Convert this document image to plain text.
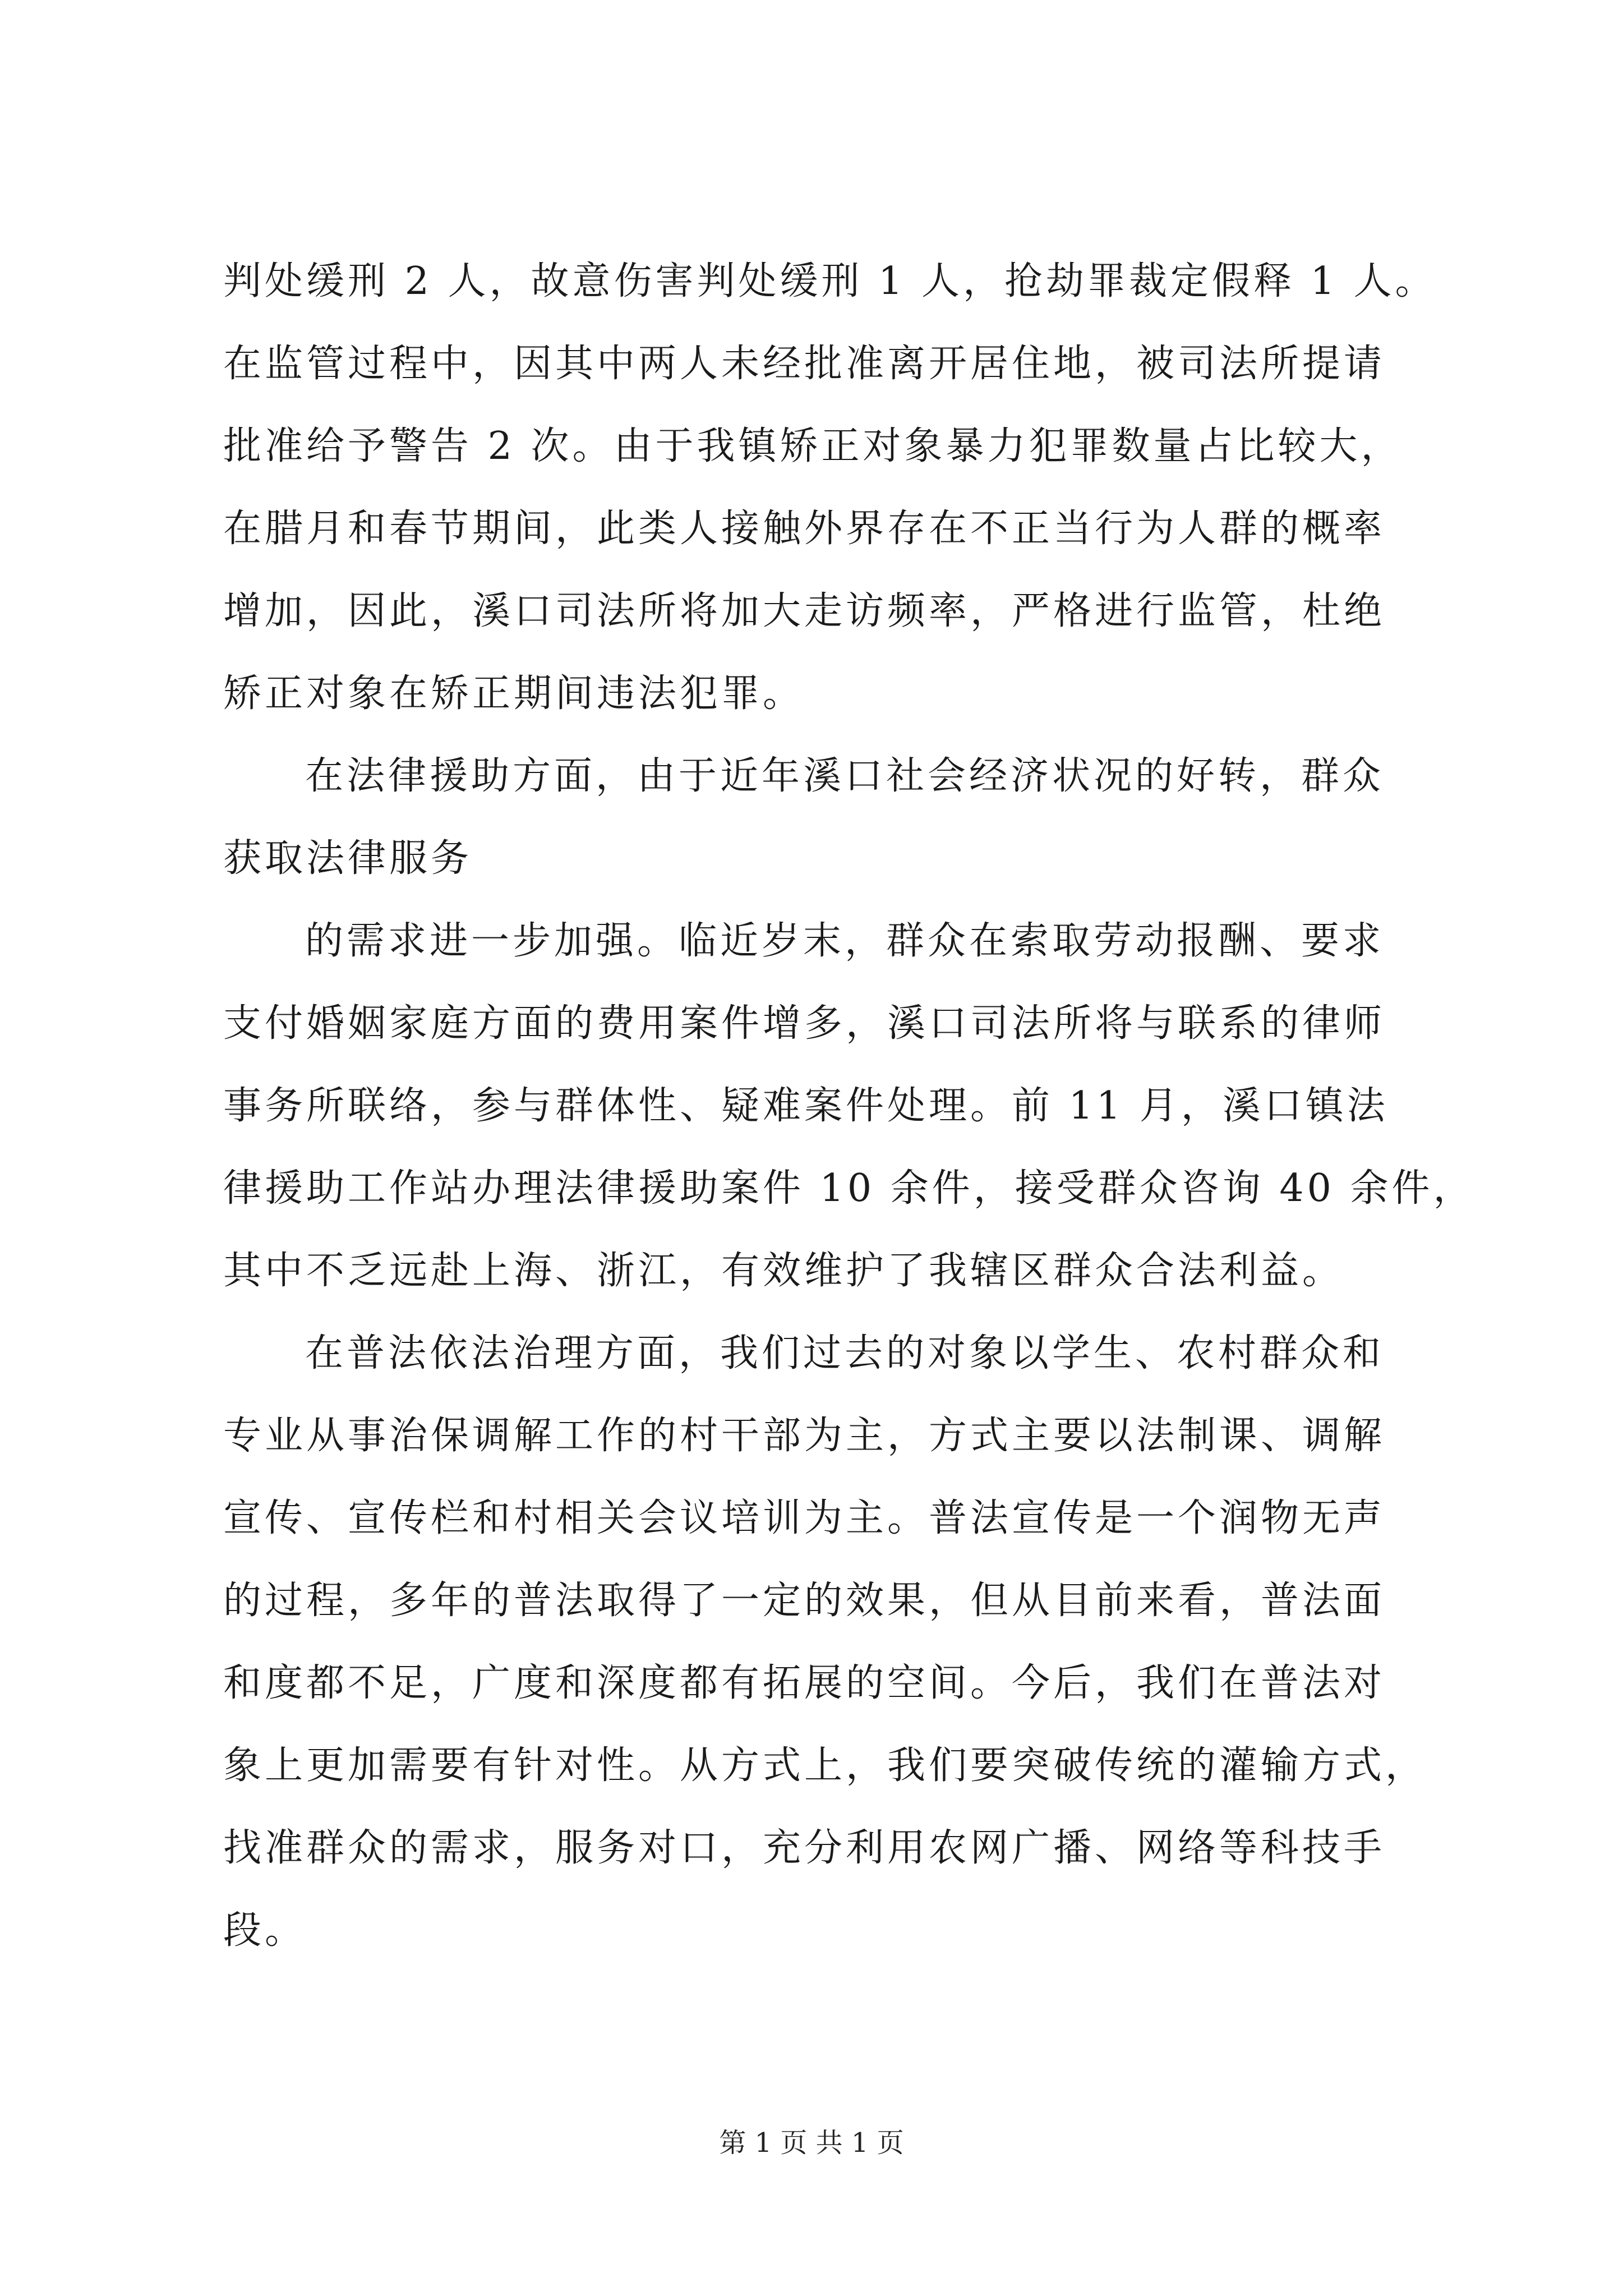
判处缓刑 2 人，故意伤害判处缓刑 1 人，抢劫罪裁定假释 1 人。
在监管过程中，因其中两人未经批准离开居住地，被司法所提请
批准给予警告 2 次。由于我镇矫正对象暴力犯罪数量占比较大，
在腊月和春节期间，此类人接触外界存在不正当行为人群的概率
增加，因此，溪口司法所将加大走访频率，严格进行监管，杜绝
矫正对象在矫正期间违法犯罪。
在法律援助方面，由于近年溪口社会经济状况的好转，群众
获取法律服务
的需求进一步加强。临近岁末，群众在索取劳动报酬、要求
支付婚姻家庭方面的费用案件增多，溪口司法所将与联系的律师
事务所联络，参与群体性、疑难案件处理。前 11 月，溪口镇法
律援助工作站办理法律援助案件 10 余件，接受群众咨询 40 余件，
其中不乏远赴上海、浙江，有效维护了我辖区群众合法利益。
在普法依法治理方面，我们过去的对象以学生、农村群众和
专业从事治保调解工作的村干部为主，方式主要以法制课、调解
宣传、宣传栏和村相关会议培训为主。普法宣传是一个润物无声
的过程，多年的普法取得了一定的效果，但从目前来看，普法面
和度都不足，广度和深度都有拓展的空间。今后，我们在普法对
象上更加需要有针对性。从方式上，我们要突破传统的灌输方式，
找准群众的需求，服务对口，充分利用农网广播、网络等科技手
段。
第 1 页 共 1 页
